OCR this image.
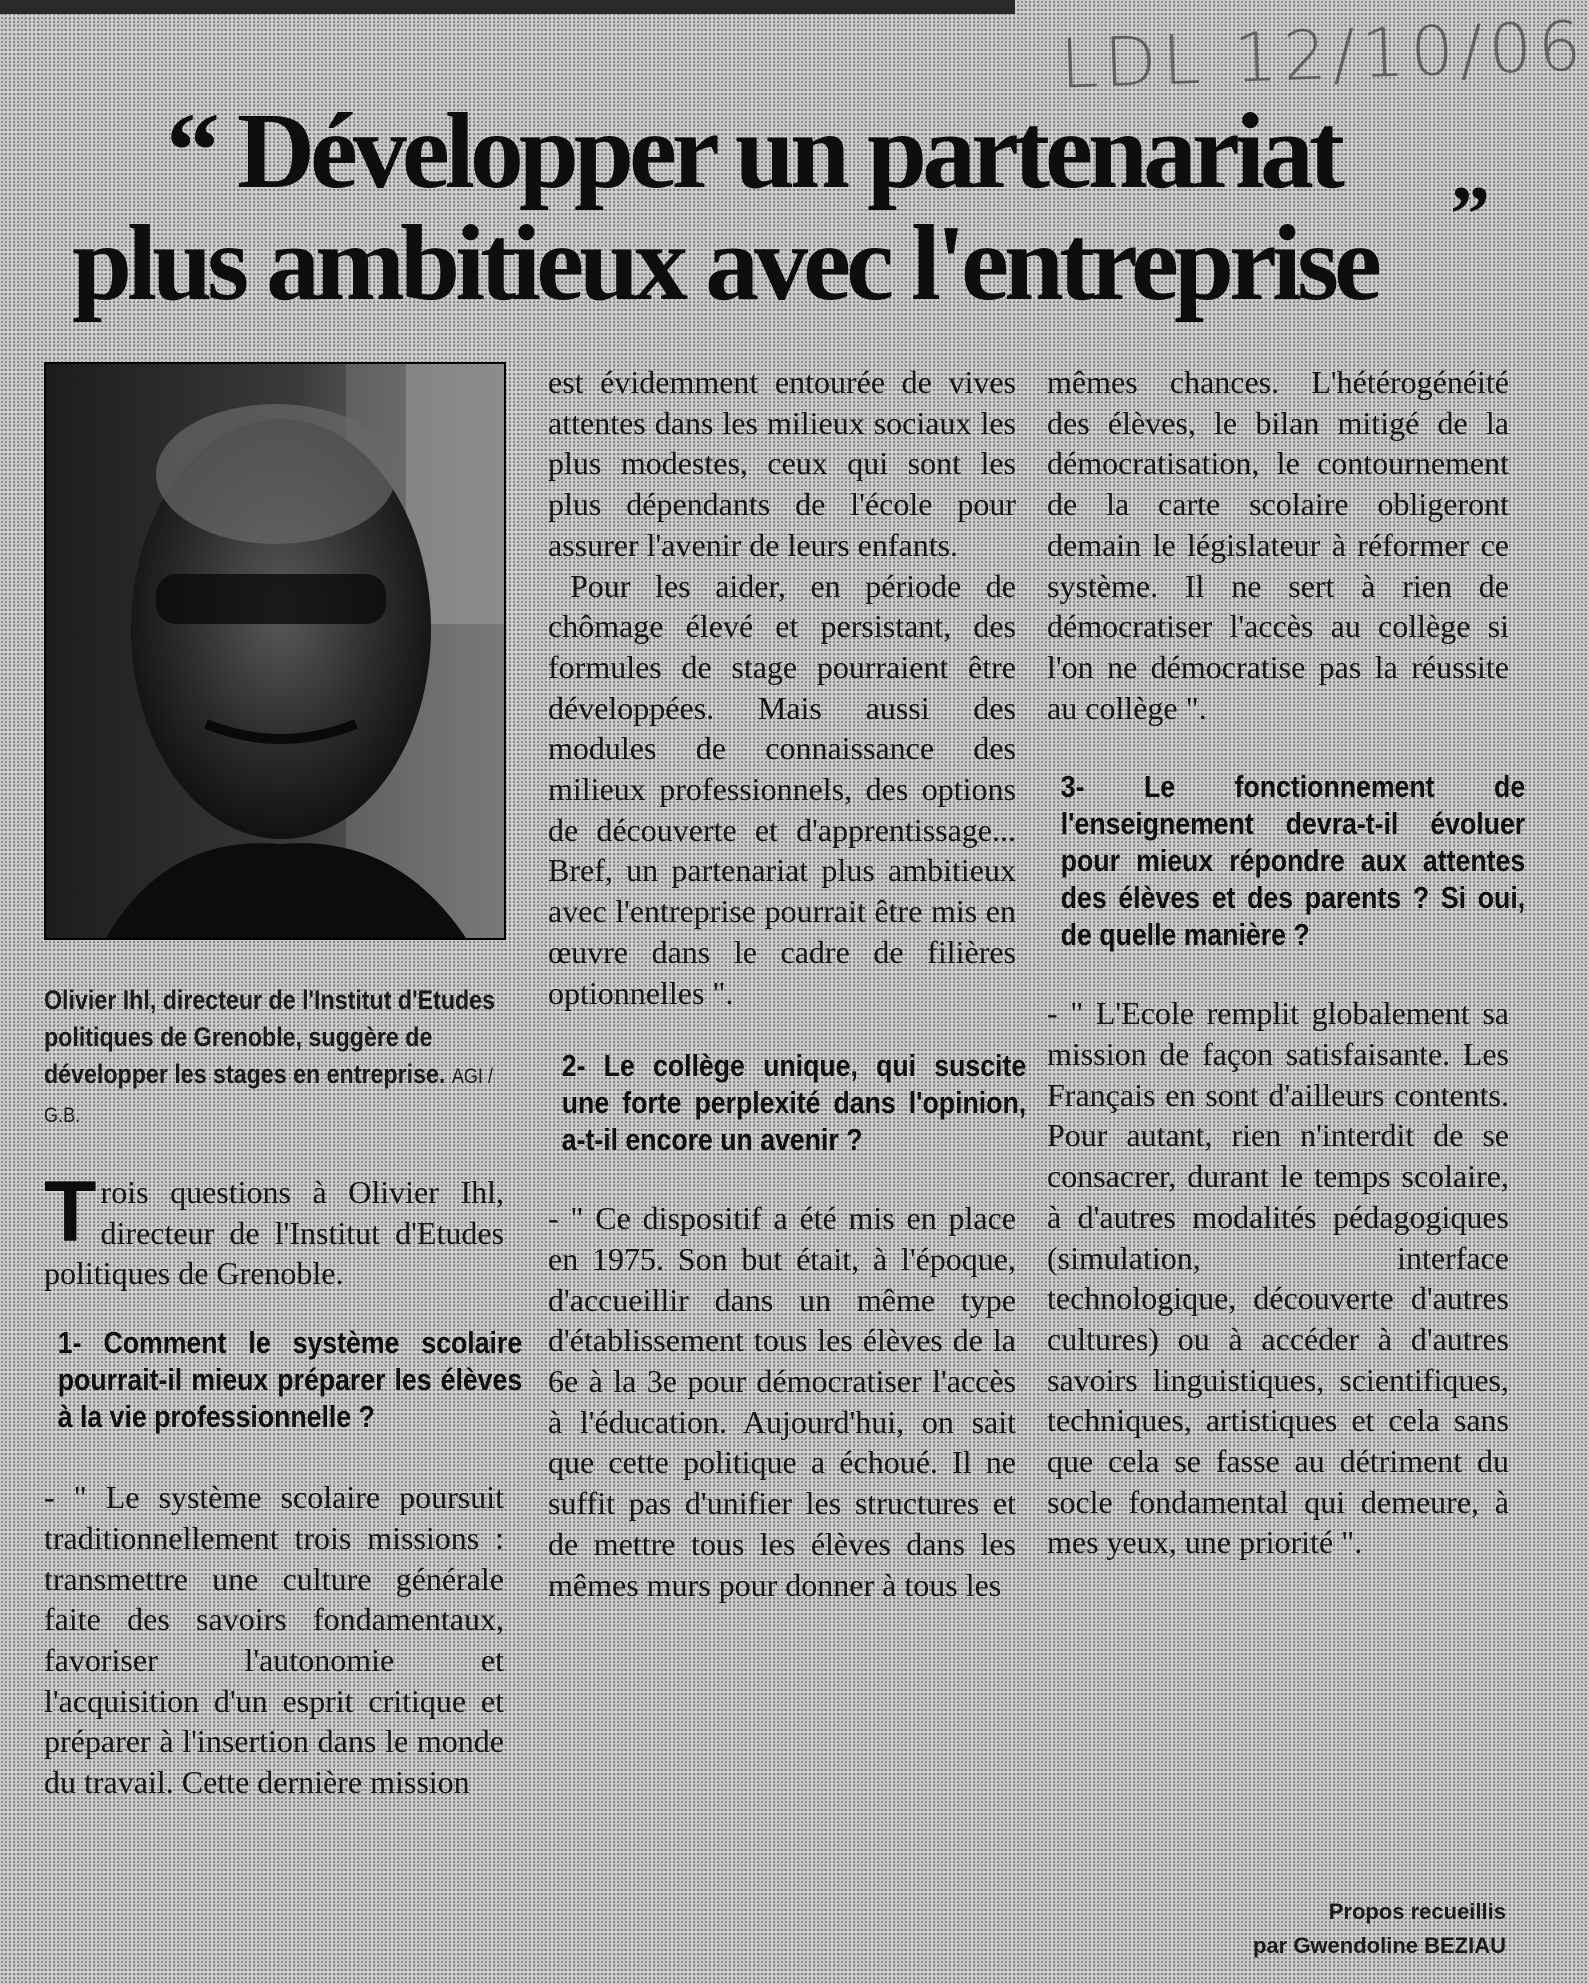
LDL 12/10/06
“ Développer un partenariat
plus ambitieux avec l'entreprise ”
Olivier Ihl, directeur de l'Institut d'Etudes politiques de Grenoble, suggère de développer les stages en entreprise. AGI / G.B.

Trois questions à Olivier Ihl, directeur de l'Institut d'Etudes politiques de Grenoble.

1- Comment le système scolaire pourrait-il mieux préparer les élèves à la vie professionnelle ?

- " Le système scolaire poursuit traditionnellement trois missions : transmettre une culture générale faite des savoirs fondamentaux, favoriser l'autonomie et l'acquisition d'un esprit critique et préparer à l'insertion dans le monde du travail. Cette dernière mission

est évidemment entourée de vives attentes dans les milieux sociaux les plus modestes, ceux qui sont les plus dépendants de l'école pour assurer l'avenir de leurs enfants.

Pour les aider, en période de chômage élevé et persistant, des formules de stage pourraient être développées. Mais aussi des modules de connaissance des milieux professionnels, des options de découverte et d'apprentissage... Bref, un partenariat plus ambitieux avec l'entreprise pourrait être mis en œuvre dans le cadre de filières optionnelles ".

2- Le collège unique, qui suscite une forte perplexité dans l'opinion, a-t-il encore un avenir ?

- " Ce dispositif a été mis en place en 1975. Son but était, à l'époque, d'accueillir dans un même type d'établissement tous les élèves de la 6e à la 3e pour démocratiser l'accès à l'éducation. Aujourd'hui, on sait que cette politique a échoué. Il ne suffit pas d'unifier les structures et de mettre tous les élèves dans les mêmes murs pour donner à tous les

mêmes chances. L'hétérogénéité des élèves, le bilan mitigé de la démocratisation, le contournement de la carte scolaire obligeront demain le législateur à réformer ce système. Il ne sert à rien de démocratiser l'accès au collège si l'on ne démocratise pas la réussite au collège ".

3- Le fonctionnement de l'enseignement devra-t-il évoluer pour mieux répondre aux attentes des élèves et des parents ? Si oui, de quelle manière ?

- " L'Ecole remplit globalement sa mission de façon satisfaisante. Les Français en sont d'ailleurs contents. Pour autant, rien n'interdit de se consacrer, durant le temps scolaire, à d'autres modalités pédagogiques (simulation, interface technologique, découverte d'autres cultures) ou à accéder à d'autres savoirs linguistiques, scientifiques, techniques, artistiques et cela sans que cela se fasse au détriment du socle fondamental qui demeure, à mes yeux, une priorité ".

Propos recueillis
par Gwendoline BEZIAU
